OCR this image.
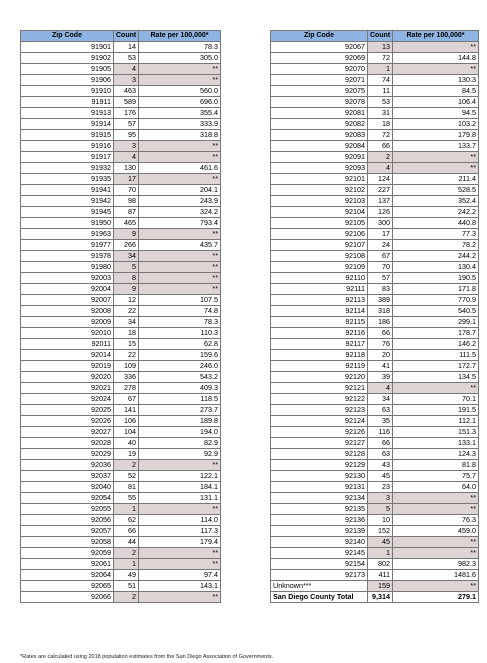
Zip Code	Count	Rate per 100,000*
91901	14	78.3
91902	53	305.0
91905	4	**
91906	3	**
91910	463	560.0
91911	589	696.0
91913	176	355.4
91914	57	333.9
91915	95	318.8
91916	3	**
91917	4	**
91932	130	461.6
91935	17	**
91941	70	204.1
91942	98	243.9
91945	87	324.2
91950	465	793.4
91963	9	**
91977	266	435.7
91978	34	**
91980	5	**
92003	8	**
92004	9	**
92007	12	107.5
92008	22	74.8
92009	34	78.3
92010	18	110.3
92011	15	62.8
92014	22	159.6
92019	109	246.0
92020	336	543.2
92021	278	409.3
92024	67	118.5
92025	141	273.7
92026	106	189.8
92027	104	194.0
92028	40	82.9
92029	19	92.9
92036	2	**
92037	52	122.1
92040	81	184.1
92054	55	131.1
92055	1	**
92056	62	114.0
92057	66	117.3
92058	44	179.4
92059	2	**
92061	1	**
92064	49	97.4
92065	51	143.1
92066	2	**
Zip Code	Count	Rate per 100,000*
92067	13	**
92069	72	144.8
92070	1	**
92071	74	130.3
92075	11	84.5
92078	53	106.4
92081	31	94.5
92082	18	103.2
92083	72	179.8
92084	66	133.7
92091	2	**
92093	4	**
92101	124	211.4
92102	227	528.5
92103	137	352.4
92104	126	242.2
92105	300	440.8
92106	17	77.3
92107	24	78.2
92108	67	244.2
92109	70	130.4
92110	57	190.5
92111	83	171.8
92113	389	770.9
92114	318	540.5
92115	186	299.1
92116	66	178.7
92117	76	146.2
92118	20	111.5
92119	41	172.7
92120	39	134.5
92121	4	**
92122	34	70.1
92123	63	191.5
92124	35	112.1
92126	116	151.3
92127	66	133.1
92128	63	124.3
92129	43	81.8
92130	45	75.7
92131	23	64.0
92134	3	**
92135	5	**
92136	10	76.3
92139	152	459.0
92140	45	**
92145	1	**
92154	802	982.3
92173	411	1481.6
Unknown***	159	**
San Diego County Total	9,314	279.1
*Rates are calculated using 2018 population estimates from the San Diego Association of Governments.
